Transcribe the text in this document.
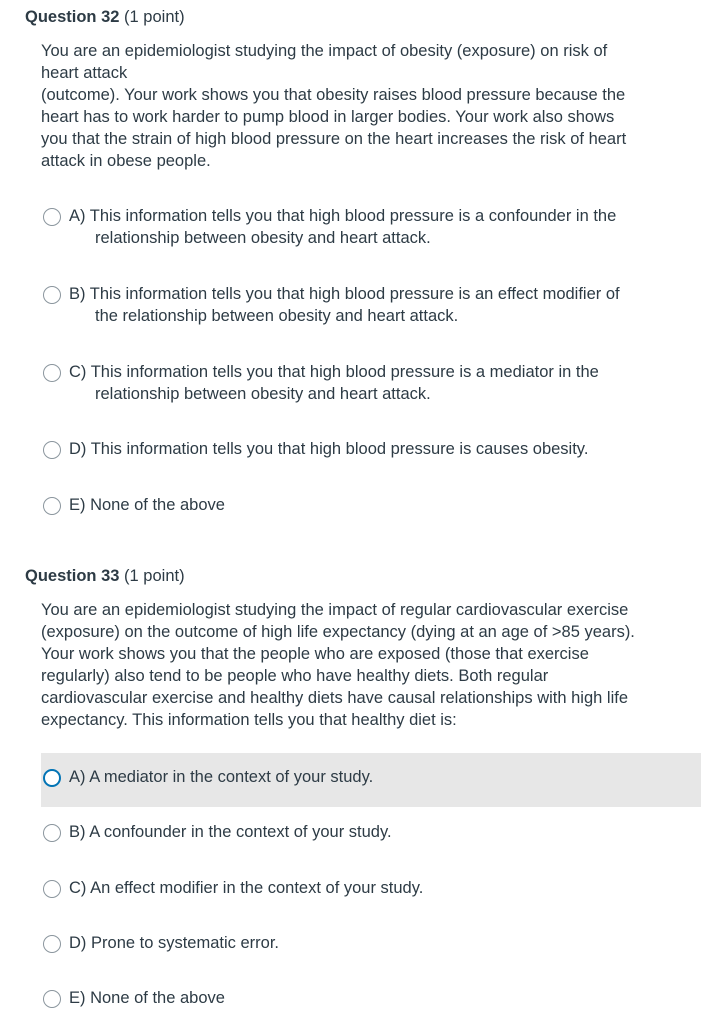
Question 32 (1 point)

You are an epidemiologist studying the impact of obesity (exposure) on risk of

heart attack

(outcome). Your work shows you that obesity raises blood pressure because the

heart has to work harder to pump blood in larger bodies. Your work also shows

you that the strain of high blood pressure on the heart increases the risk of heart

attack in obese people.

A) This information tells you that high blood pressure is a confounder in the
relationship between obesity and heart attack.
B) This information tells you that high blood pressure is an effect modifier of
the relationship between obesity and heart attack.
C) This information tells you that high blood pressure is a mediator in the
relationship between obesity and heart attack.
D) This information tells you that high blood pressure is causes obesity.
E) None of the above
Question 33 (1 point)

You are an epidemiologist studying the impact of regular cardiovascular exercise

(exposure) on the outcome of high life expectancy (dying at an age of >85 years).

Your work shows you that the people who are exposed (those that exercise

regularly) also tend to be people who have healthy diets. Both regular

cardiovascular exercise and healthy diets have causal relationships with high life

expectancy. This information tells you that healthy diet is:

A) A mediator in the context of your study.
B) A confounder in the context of your study.
C) An effect modifier in the context of your study.
D) Prone to systematic error.
E) None of the above
